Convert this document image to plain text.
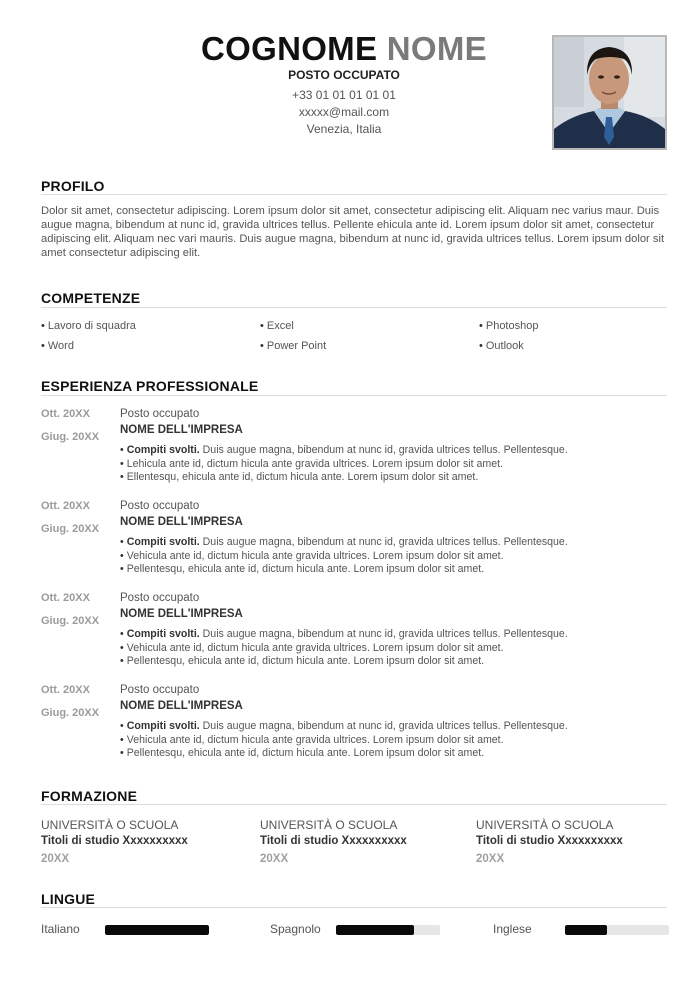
COGNOME NOME
POSTO OCCUPATO
+33 01 01 01 01 01
xxxxx@mail.com
Venezia, Italia
PROFILO

Dolor sit amet, consectetur adipiscing. Lorem ipsum dolor sit amet, consectetur adipiscing elit. Aliquam nec varius maur. Duis augue magna, bibendum at nunc id, gravida ultrices tellus. Pellente ehicula ante id. Lorem ipsum dolor sit amet, consectetur adipiscing elit. Aliquam nec vari mauris. Duis augue magna, bibendum at nunc id, gravida ultrices tellus. Lorem ipsum dolor sit amet consectetur adipiscing elit.

COMPETENZE
• Lavoro di squadra	• Excel	• Photoshop
• Word	• Power Point	• Outlook
ESPERIENZA PROFESSIONALE
Ott. 20XX
Giug. 20XX
Posto occupato
NOME DELL'IMPRESA
• Compiti svolti. Duis augue magna, bibendum at nunc id, gravida ultrices tellus. Pellentesque.
• Lehicula ante id, dictum hicula ante gravida ultrices. Lorem ipsum dolor sit amet.
• Ellentesqu, ehicula ante id, dictum hicula ante. Lorem ipsum dolor sit amet.
Ott. 20XX
Giug. 20XX
Posto occupato
NOME DELL'IMPRESA
• Compiti svolti. Duis augue magna, bibendum at nunc id, gravida ultrices tellus. Pellentesque.
• Vehicula ante id, dictum hicula ante gravida ultrices. Lorem ipsum dolor sit amet.
• Pellentesqu, ehicula ante id, dictum hicula ante. Lorem ipsum dolor sit amet.
Ott. 20XX
Giug. 20XX
Posto occupato
NOME DELL'IMPRESA
• Compiti svolti. Duis augue magna, bibendum at nunc id, gravida ultrices tellus. Pellentesque.
• Vehicula ante id, dictum hicula ante gravida ultrices. Lorem ipsum dolor sit amet.
• Pellentesqu, ehicula ante id, dictum hicula ante. Lorem ipsum dolor sit amet.
Ott. 20XX
Giug. 20XX
Posto occupato
NOME DELL'IMPRESA
• Compiti svolti. Duis augue magna, bibendum at nunc id, gravida ultrices tellus. Pellentesque.
• Vehicula ante id, dictum hicula ante gravida ultrices. Lorem ipsum dolor sit amet.
• Pellentesqu, ehicula ante id, dictum hicula ante. Lorem ipsum dolor sit amet.
FORMAZIONE
UNIVERSITÀ O SCUOLA
Titoli di studio Xxxxxxxxxx
20XX
UNIVERSITÀ O SCUOLA
Titoli di studio Xxxxxxxxxx
20XX
UNIVERSITÀ O SCUOLA
Titoli di studio Xxxxxxxxxx
20XX
LINGUE
Italiano	Spagnolo	Inglese
